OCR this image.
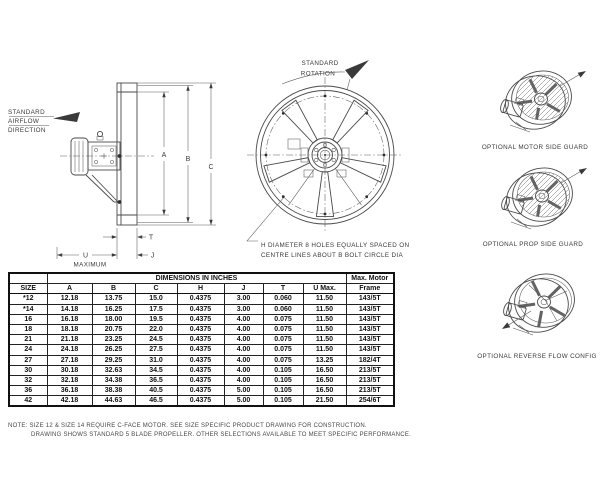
STANDARD
AIRFLOW
DIRECTION
A
B
C
T
U
MAXIMUM
J
STANDARD
ROTATION
H DIAMETER 8 HOLES EQUALLY SPACED ON
CENTRE LINES ABOUT B BOLT CIRCLE DIA
OPTIONAL MOTOR SIDE GUARD
OPTIONAL PROP SIDE GUARD
OPTIONAL REVERSE FLOW CONFIG
	DIMENSIONS IN INCHES							Max. Motor
SIZE	A	B	C	H	J	T	U Max.	Frame
*12	12.18	13.75	15.0	0.4375	3.00	0.060	11.50	143/5T
*14	14.18	16.25	17.5	0.4375	3.00	0.060	11.50	143/5T
16	16.18	18.00	19.5	0.4375	4.00	0.075	11.50	143/5T
18	18.18	20.75	22.0	0.4375	4.00	0.075	11.50	143/5T
21	21.18	23.25	24.5	0.4375	4.00	0.075	11.50	143/5T
24	24.18	26.25	27.5	0.4375	4.00	0.075	11.50	143/5T
27	27.18	29.25	31.0	0.4375	4.00	0.075	13.25	182/4T
30	30.18	32.63	34.5	0.4375	4.00	0.105	16.50	213/5T
32	32.18	34.38	36.5	0.4375	4.00	0.105	16.50	213/5T
36	36.18	38.38	40.5	0.4375	5.00	0.105	16.50	213/5T
42	42.18	44.63	46.5	0.4375	5.00	0.105	21.50	254/6T
NOTE: SIZE 12 & SIZE 14 REQUIRE C-FACE MOTOR. SEE SIZE SPECIFIC PRODUCT DRAWING FOR CONSTRUCTION.
DRAWING SHOWS STANDARD 5 BLADE PROPELLER. OTHER SELECTIONS AVAILABLE TO MEET SPECIFIC PERFORMANCE.
